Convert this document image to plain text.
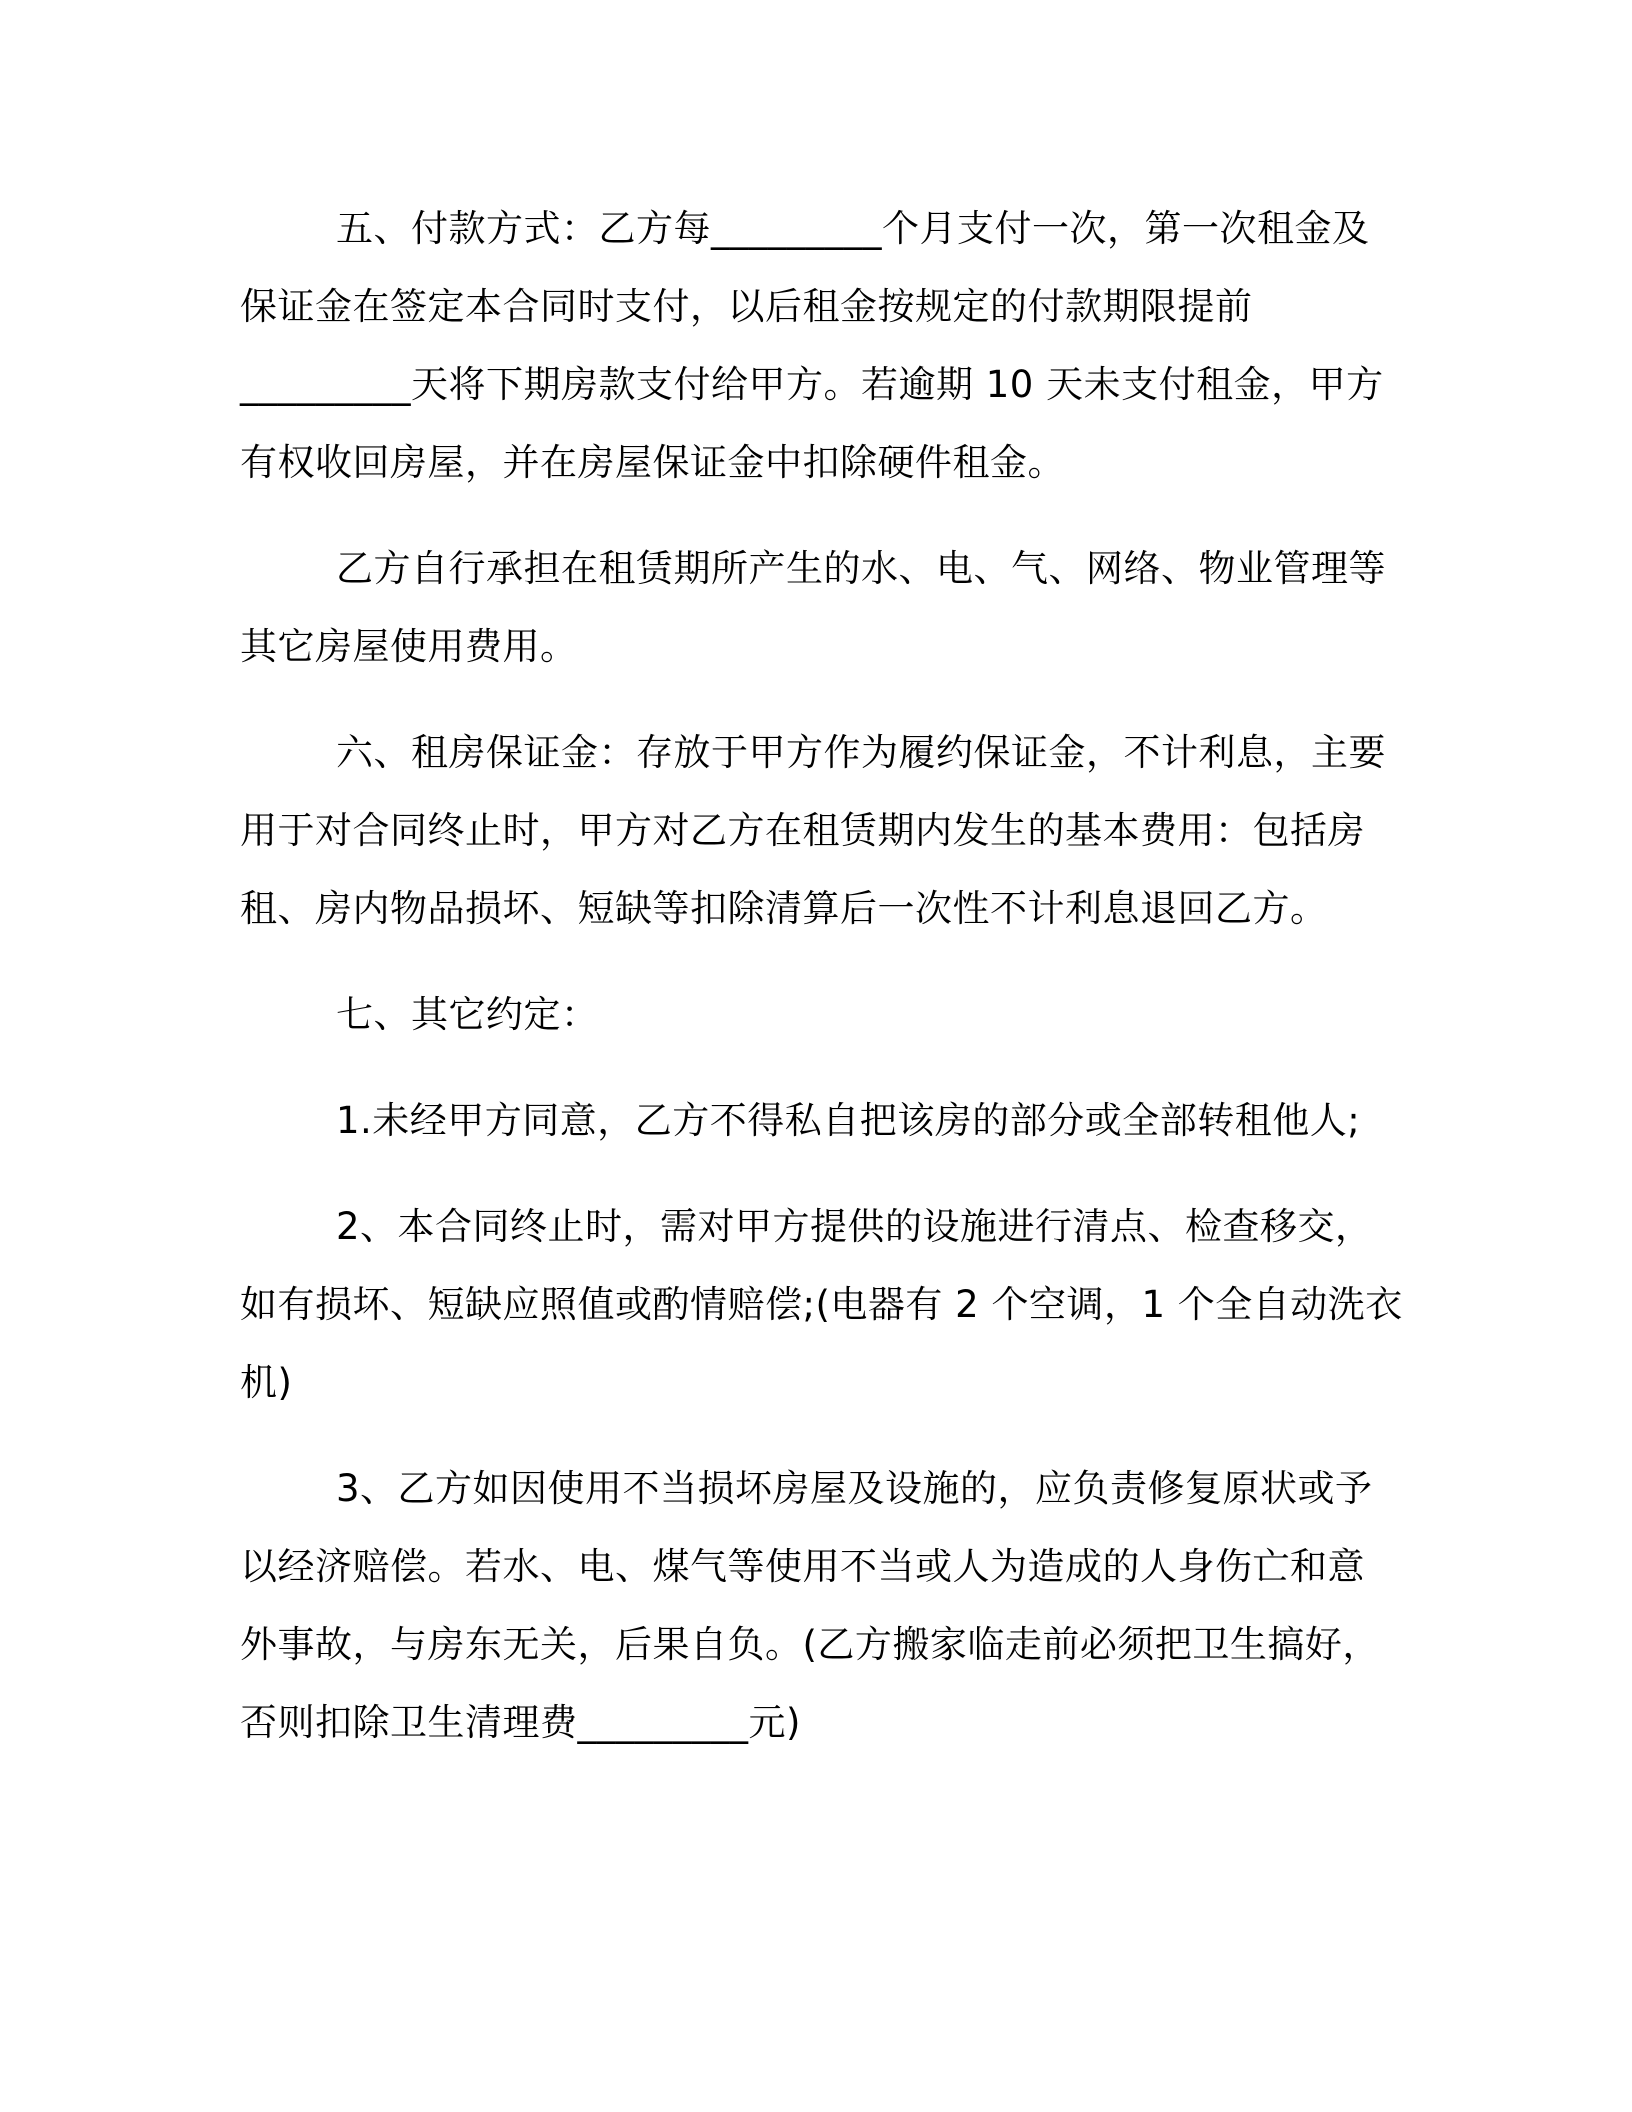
五、付款方式：乙方每_________个月支付一次，第一次租金及
保证金在签定本合同时支付，以后租金按规定的付款期限提前
_________天将下期房款支付给甲方。若逾期 10 天未支付租金，甲方
有权收回房屋，并在房屋保证金中扣除硬件租金。
乙方自行承担在租赁期所产生的水、电、气、网络、物业管理等
其它房屋使用费用。
六、租房保证金：存放于甲方作为履约保证金，不计利息，主要
用于对合同终止时，甲方对乙方在租赁期内发生的基本费用：包括房
租、房内物品损坏、短缺等扣除清算后一次性不计利息退回乙方。
七、其它约定：
1.未经甲方同意，乙方不得私自把该房的部分或全部转租他人;
2、本合同终止时，需对甲方提供的设施进行清点、检查移交，
如有损坏、短缺应照值或酌情赔偿;(电器有 2 个空调，1 个全自动洗衣
机)
3、乙方如因使用不当损坏房屋及设施的，应负责修复原状或予
以经济赔偿。若水、电、煤气等使用不当或人为造成的人身伤亡和意
外事故，与房东无关，后果自负。(乙方搬家临走前必须把卫生搞好，
否则扣除卫生清理费_________元)
